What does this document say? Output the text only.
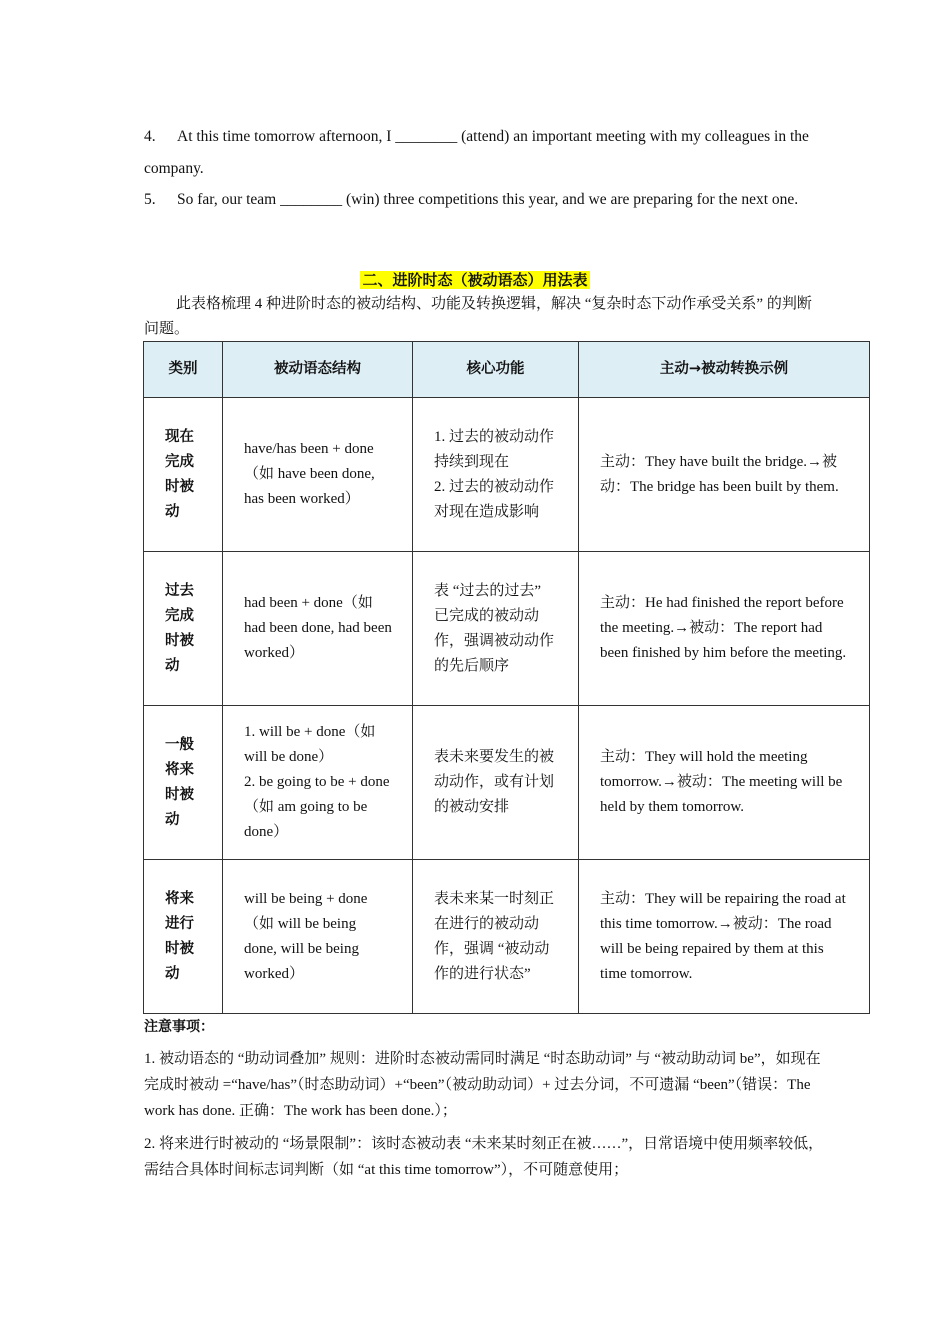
4. At this time tomorrow afternoon, I ________ (attend) an important meeting with my colleagues in the company.
5. So far, our team ________ (win) three competitions this year, and we are preparing for the next one.
二、进阶时态（被动语态）用法表
此表格梳理 4 种进阶时态的被动结构、功能及转换逻辑，解决 “复杂时态下动作承受关系” 的判断问题。
类别	被动语态结构	核心功能	主动→被动转换示例

现在完成时被动	have/has been + done（如 have been done, has been worked）	1. 过去的被动动作持续到现在
2. 过去的被动动作对现在造成影响	主动：They have built the bridge.→被动：The bridge has been built by them.

过去完成时被动	had been + done（如 had been done, had been worked）	表 “过去的过去” 已完成的被动动作，强调被动动作的先后顺序	主动：He had finished the report before the meeting.→被动：The report had been finished by him before the meeting.

一般将来时被动	1. will be + done（如 will be done）
2. be going to be + done（如 am going to be done）	表未来要发生的被动动作，或有计划的被动安排	主动：They will hold the meeting tomorrow.→被动：The meeting will be held by them tomorrow.

将来进行时被动	will be being + done（如 will be being done, will be being worked）	表未来某一时刻正在进行的被动动作，强调 “被动动作的进行状态”	主动：They will be repairing the road at this time tomorrow.→被动：The road will be being repaired by them at this time tomorrow.
注意事项：
1. 被动语态的 “助动词叠加” 规则：进阶时态被动需同时满足 “时态助动词” 与 “被动助动词 be”，如现在完成时被动 =“have/has”（时态助动词）+“been”（被动助动词）+ 过去分词，不可遗漏 “been”（错误：The work has done. 正确：The work has been done.）；
2. 将来进行时被动的 “场景限制”：该时态被动表 “未来某时刻正在被……”，日常语境中使用频率较低，需结合具体时间标志词判断（如 “at this time tomorrow”），不可随意使用；
